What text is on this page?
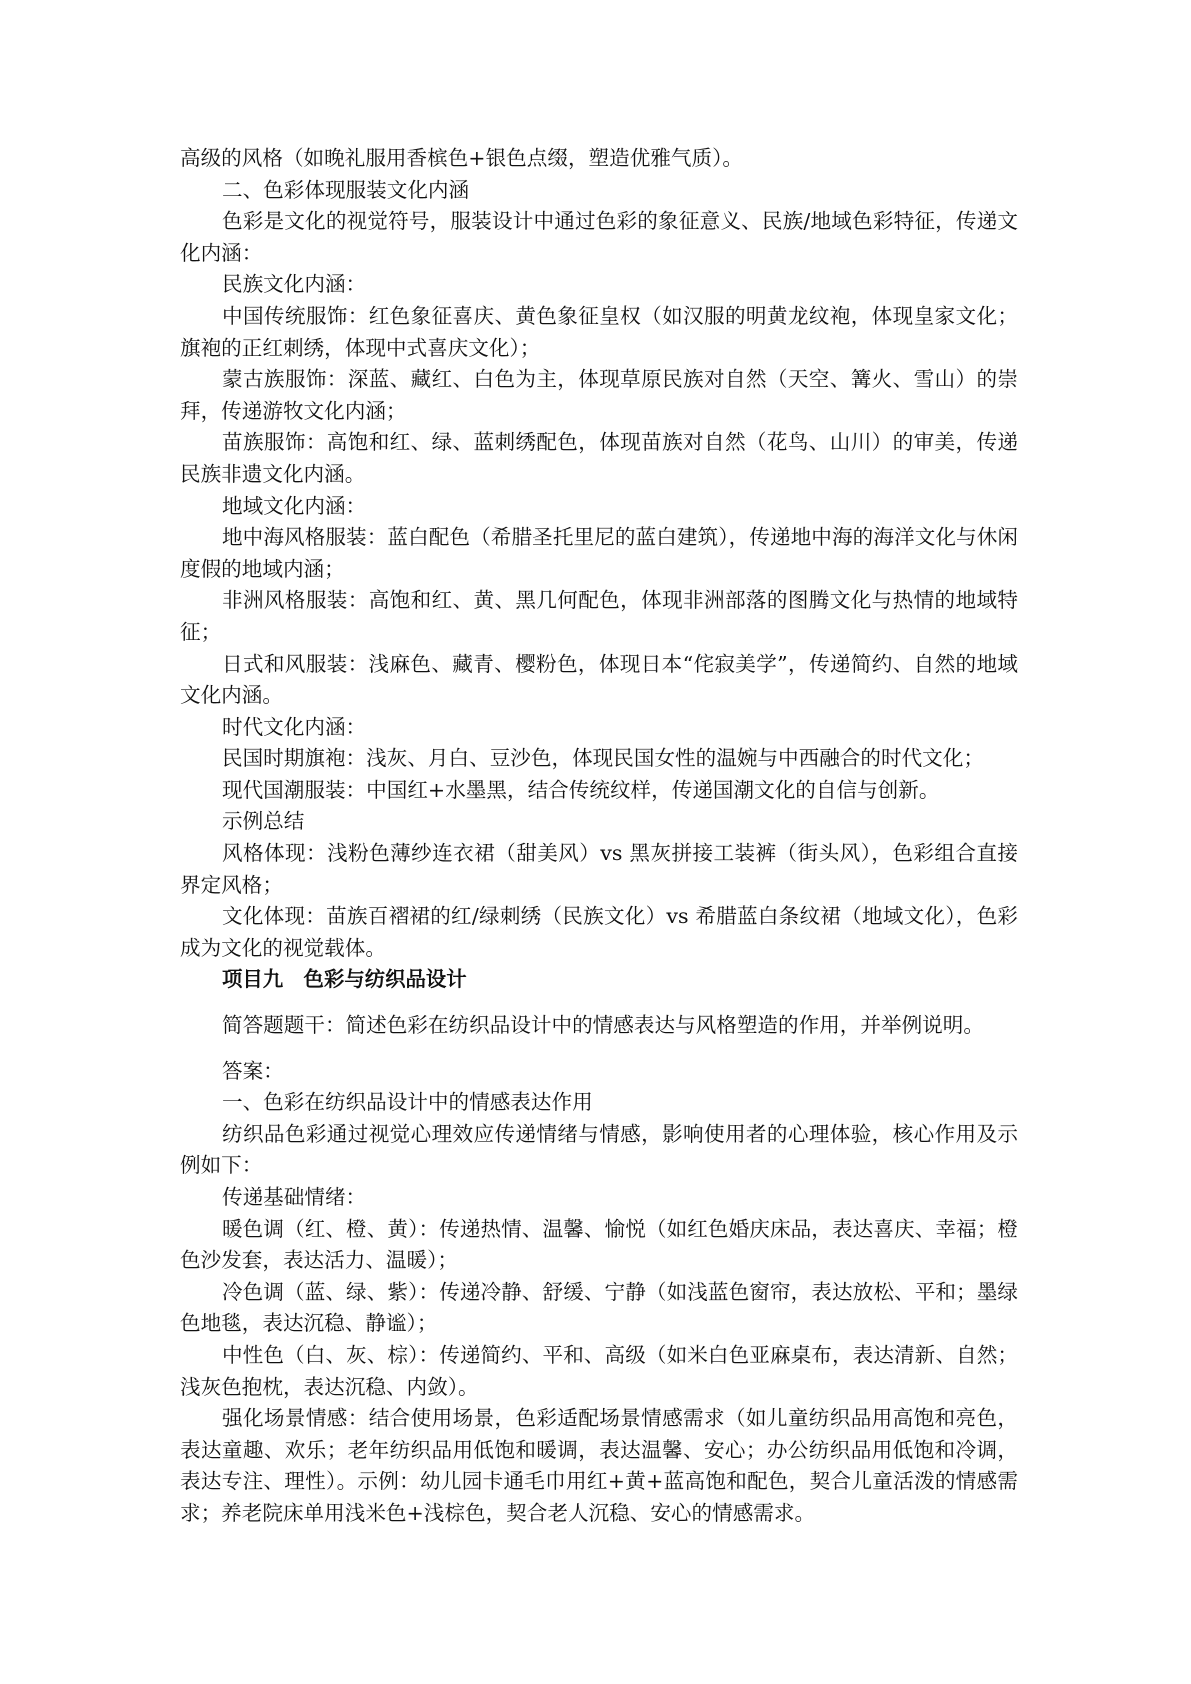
高级的风格（如晚礼服用香槟色+银色点缀，塑造优雅气质）。

二、色彩体现服装文化内涵

色彩是文化的视觉符号，服装设计中通过色彩的象征意义、民族/地域色彩特征，传递文化内涵：

民族文化内涵：

中国传统服饰：红色象征喜庆、黄色象征皇权（如汉服的明黄龙纹袍，体现皇家文化；旗袍的正红刺绣，体现中式喜庆文化）；

蒙古族服饰：深蓝、藏红、白色为主，体现草原民族对自然（天空、篝火、雪山）的崇拜，传递游牧文化内涵；

苗族服饰：高饱和红、绿、蓝刺绣配色，体现苗族对自然（花鸟、山川）的审美，传递民族非遗文化内涵。

地域文化内涵：

地中海风格服装：蓝白配色（希腊圣托里尼的蓝白建筑），传递地中海的海洋文化与休闲度假的地域内涵；

非洲风格服装：高饱和红、黄、黑几何配色，体现非洲部落的图腾文化与热情的地域特征；

日式和风服装：浅麻色、藏青、樱粉色，体现日本“侘寂美学”，传递简约、自然的地域文化内涵。

时代文化内涵：

民国时期旗袍：浅灰、月白、豆沙色，体现民国女性的温婉与中西融合的时代文化；

现代国潮服装：中国红+水墨黑，结合传统纹样，传递国潮文化的自信与创新。

示例总结

风格体现：浅粉色薄纱连衣裙（甜美风）vs 黑灰拼接工装裤（街头风），色彩组合直接界定风格；

文化体现：苗族百褶裙的红/绿刺绣（民族文化）vs 希腊蓝白条纹裙（地域文化），色彩成为文化的视觉载体。

项目九　色彩与纺织品设计

简答题题干：简述色彩在纺织品设计中的情感表达与风格塑造的作用，并举例说明。

答案：

一、色彩在纺织品设计中的情感表达作用

纺织品色彩通过视觉心理效应传递情绪与情感，影响使用者的心理体验，核心作用及示例如下：

传递基础情绪：

暖色调（红、橙、黄）：传递热情、温馨、愉悦（如红色婚庆床品，表达喜庆、幸福；橙色沙发套，表达活力、温暖）；

冷色调（蓝、绿、紫）：传递冷静、舒缓、宁静（如浅蓝色窗帘，表达放松、平和；墨绿色地毯，表达沉稳、静谧）；

中性色（白、灰、棕）：传递简约、平和、高级（如米白色亚麻桌布，表达清新、自然；浅灰色抱枕，表达沉稳、内敛）。

强化场景情感：结合使用场景，色彩适配场景情感需求（如儿童纺织品用高饱和亮色，表达童趣、欢乐；老年纺织品用低饱和暖调，表达温馨、安心；办公纺织品用低饱和冷调，表达专注、理性）。示例：幼儿园卡通毛巾用红+黄+蓝高饱和配色，契合儿童活泼的情感需求；养老院床单用浅米色+浅棕色，契合老人沉稳、安心的情感需求。
